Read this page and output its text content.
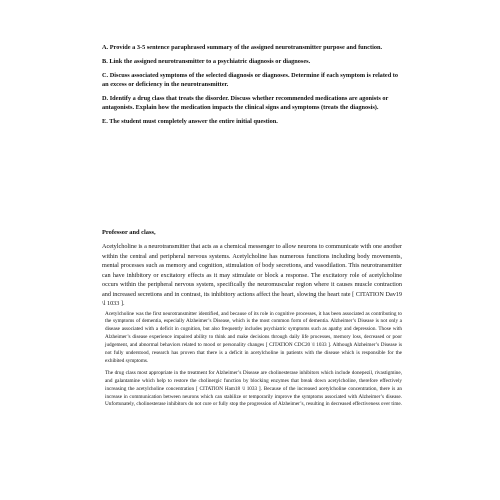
A. Provide a 3-5 sentence paraphrased summary of the assigned neurotransmitter purpose and function.

B. Link the assigned neurotransmitter to a psychiatric diagnosis or diagnoses.

C. Discuss associated symptoms of the selected diagnosis or diagnoses. Determine if each symptom is related to an excess or deficiency in the neurotransmitter.

D. Identify a drug class that treats the disorder. Discuss whether recommended medications are agonists or antagonists. Explain how the medication impacts the clinical signs and symptoms (treats the diagnosis).

E. The student must completely answer the entire initial question.

Professor and class,

Acetylcholine is a neurotransmitter that acts as a chemical messenger to allow neurons to communicate with one another within the central and peripheral nervous systems. Acetylcholine has numerous functions including body movements, mental processes such as memory and cognition, stimulation of body secretions, and vasodilation. This neurotransmitter can have inhibitory or excitatory effects as it may stimulate or block a response. The excitatory role of acetylcholine occurs within the peripheral nervous system, specifically the neuromuscular region where it causes muscle contraction and increased secretions and in contrast, its inhibitory actions affect the heart, slowing the heart rate [ CITATION Dav19 \l 1033 ].

Acetylcholine was the first neurotransmitter identified, and because of its role in cognitive processes, it has been associated as contributing to the symptoms of dementia, especially Alzheimer’s Disease, which is the most common form of dementia. Alzheimer’s Disease is not only a disease associated with a deficit in cognition, but also frequently includes psychiatric symptoms such as apathy and depression. Those with Alzheimer’s disease experience impaired ability to think and make decisions through daily life processes, memory loss, decreased or poor judgement, and abnormal behaviors related to mood or personality changes [ CITATION CDC20 \l 1033 ]. Although Alzheimer’s Disease is not fully understood, research has proven that there is a deficit in acetylcholine in patients with the disease which is responsible for the exhibited symptoms.

The drug class most appropriate in the treatment for Alzheimer’s Disease are cholinesterase inhibitors which include donepezil, rivastigmine, and galantamine which help to restore the cholinergic function by blocking enzymes that break down acetylcholine, therefore effectively increasing the acetylcholine concentration [ CITATION Ham18 \l 1033 ]. Because of the increased acetylcholine concentration, there is an increase in communication between neurons which can stabilize or temporarily improve the symptoms associated with Alzheimer’s disease. Unfortunately, cholinesterase inhibitors do not cure or fully stop the progression of Alzheimer’s, resulting in decreased effectiveness over time.
